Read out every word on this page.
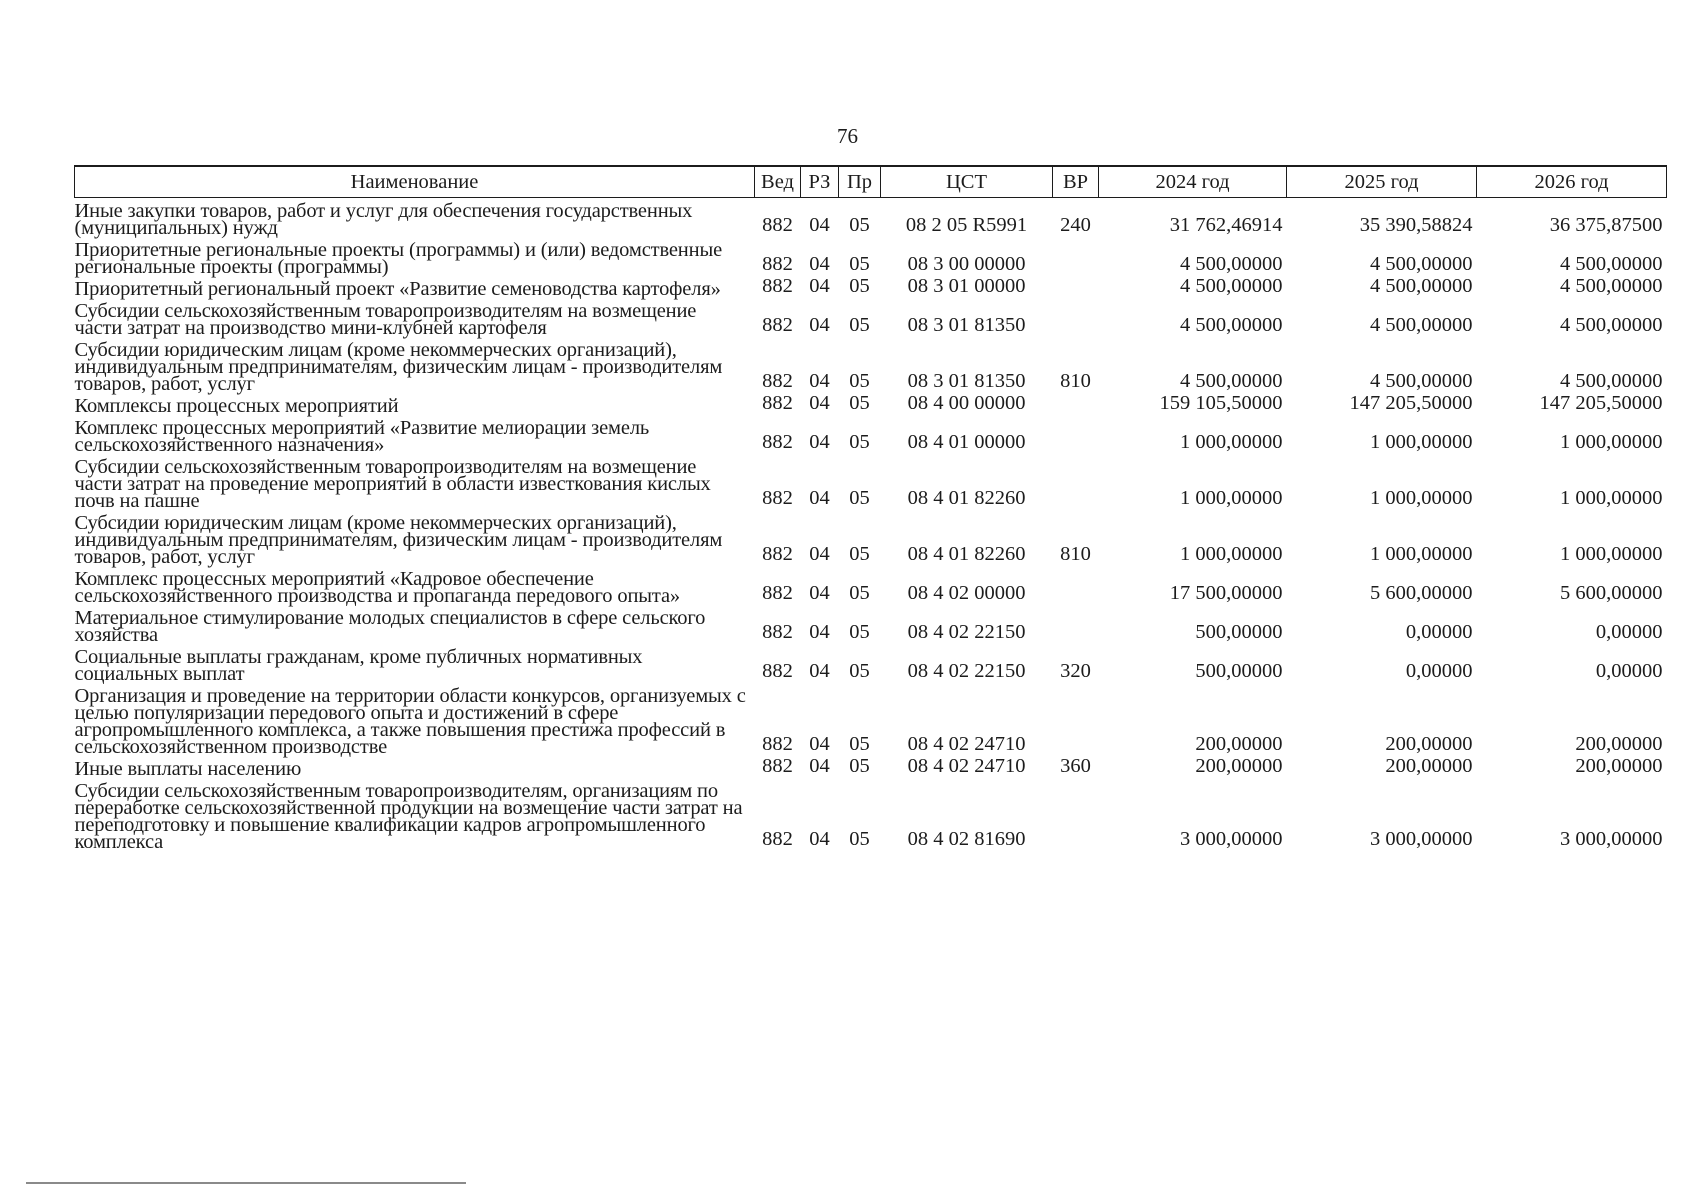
76
Наименование	Вед	РЗ	Пр	ЦСТ	ВР	2024 год	2025 год	2026 год
Иные закупки товаров, работ и услуг для обеспечения государственных (муниципальных) нужд	882	04	05	08 2 05 R5991	240	31 762,46914	35 390,58824	36 375,87500
Приоритетные региональные проекты (программы) и (или) ведомственные региональные проекты (программы)	882	04	05	08 3 00 00000		4 500,00000	4 500,00000	4 500,00000
Приоритетный региональный проект «Развитие семеноводства картофеля»	882	04	05	08 3 01 00000		4 500,00000	4 500,00000	4 500,00000
Субсидии сельскохозяйственным товаропроизводителям на возмещение части затрат на производство мини-клубней картофеля	882	04	05	08 3 01 81350		4 500,00000	4 500,00000	4 500,00000
Субсидии юридическим лицам (кроме некоммерческих организаций), индивидуальным предпринимателям, физическим лицам - производителям товаров, работ, услуг	882	04	05	08 3 01 81350	810	4 500,00000	4 500,00000	4 500,00000
Комплексы процессных мероприятий	882	04	05	08 4 00 00000		159 105,50000	147 205,50000	147 205,50000
Комплекс процессных мероприятий «Развитие мелиорации земель сельскохозяйственного назначения»	882	04	05	08 4 01 00000		1 000,00000	1 000,00000	1 000,00000
Субсидии сельскохозяйственным товаропроизводителям на возмещение части затрат на проведение мероприятий в области известкования кислых почв на пашне	882	04	05	08 4 01 82260		1 000,00000	1 000,00000	1 000,00000
Субсидии юридическим лицам (кроме некоммерческих организаций), индивидуальным предпринимателям, физическим лицам - производителям товаров, работ, услуг	882	04	05	08 4 01 82260	810	1 000,00000	1 000,00000	1 000,00000
Комплекс процессных мероприятий «Кадровое обеспечение сельскохозяйственного производства и пропаганда передового опыта»	882	04	05	08 4 02 00000		17 500,00000	5 600,00000	5 600,00000
Материальное стимулирование молодых специалистов в сфере сельского хозяйства	882	04	05	08 4 02 22150		500,00000	0,00000	0,00000
Социальные выплаты гражданам, кроме публичных нормативных социальных выплат	882	04	05	08 4 02 22150	320	500,00000	0,00000	0,00000
Организация и проведение на территории области конкурсов, организуемых с целью популяризации передового опыта и достижений в сфере агропромышленного комплекса, а также повышения престижа профессий в сельскохозяйственном производстве	882	04	05	08 4 02 24710		200,00000	200,00000	200,00000
Иные выплаты населению	882	04	05	08 4 02 24710	360	200,00000	200,00000	200,00000
Субсидии сельскохозяйственным товаропроизводителям, организациям по переработке сельскохозяйственной продукции на возмещение части затрат на переподготовку и повышение квалификации кадров агропромышленного комплекса	882	04	05	08 4 02 81690		3 000,00000	3 000,00000	3 000,00000
